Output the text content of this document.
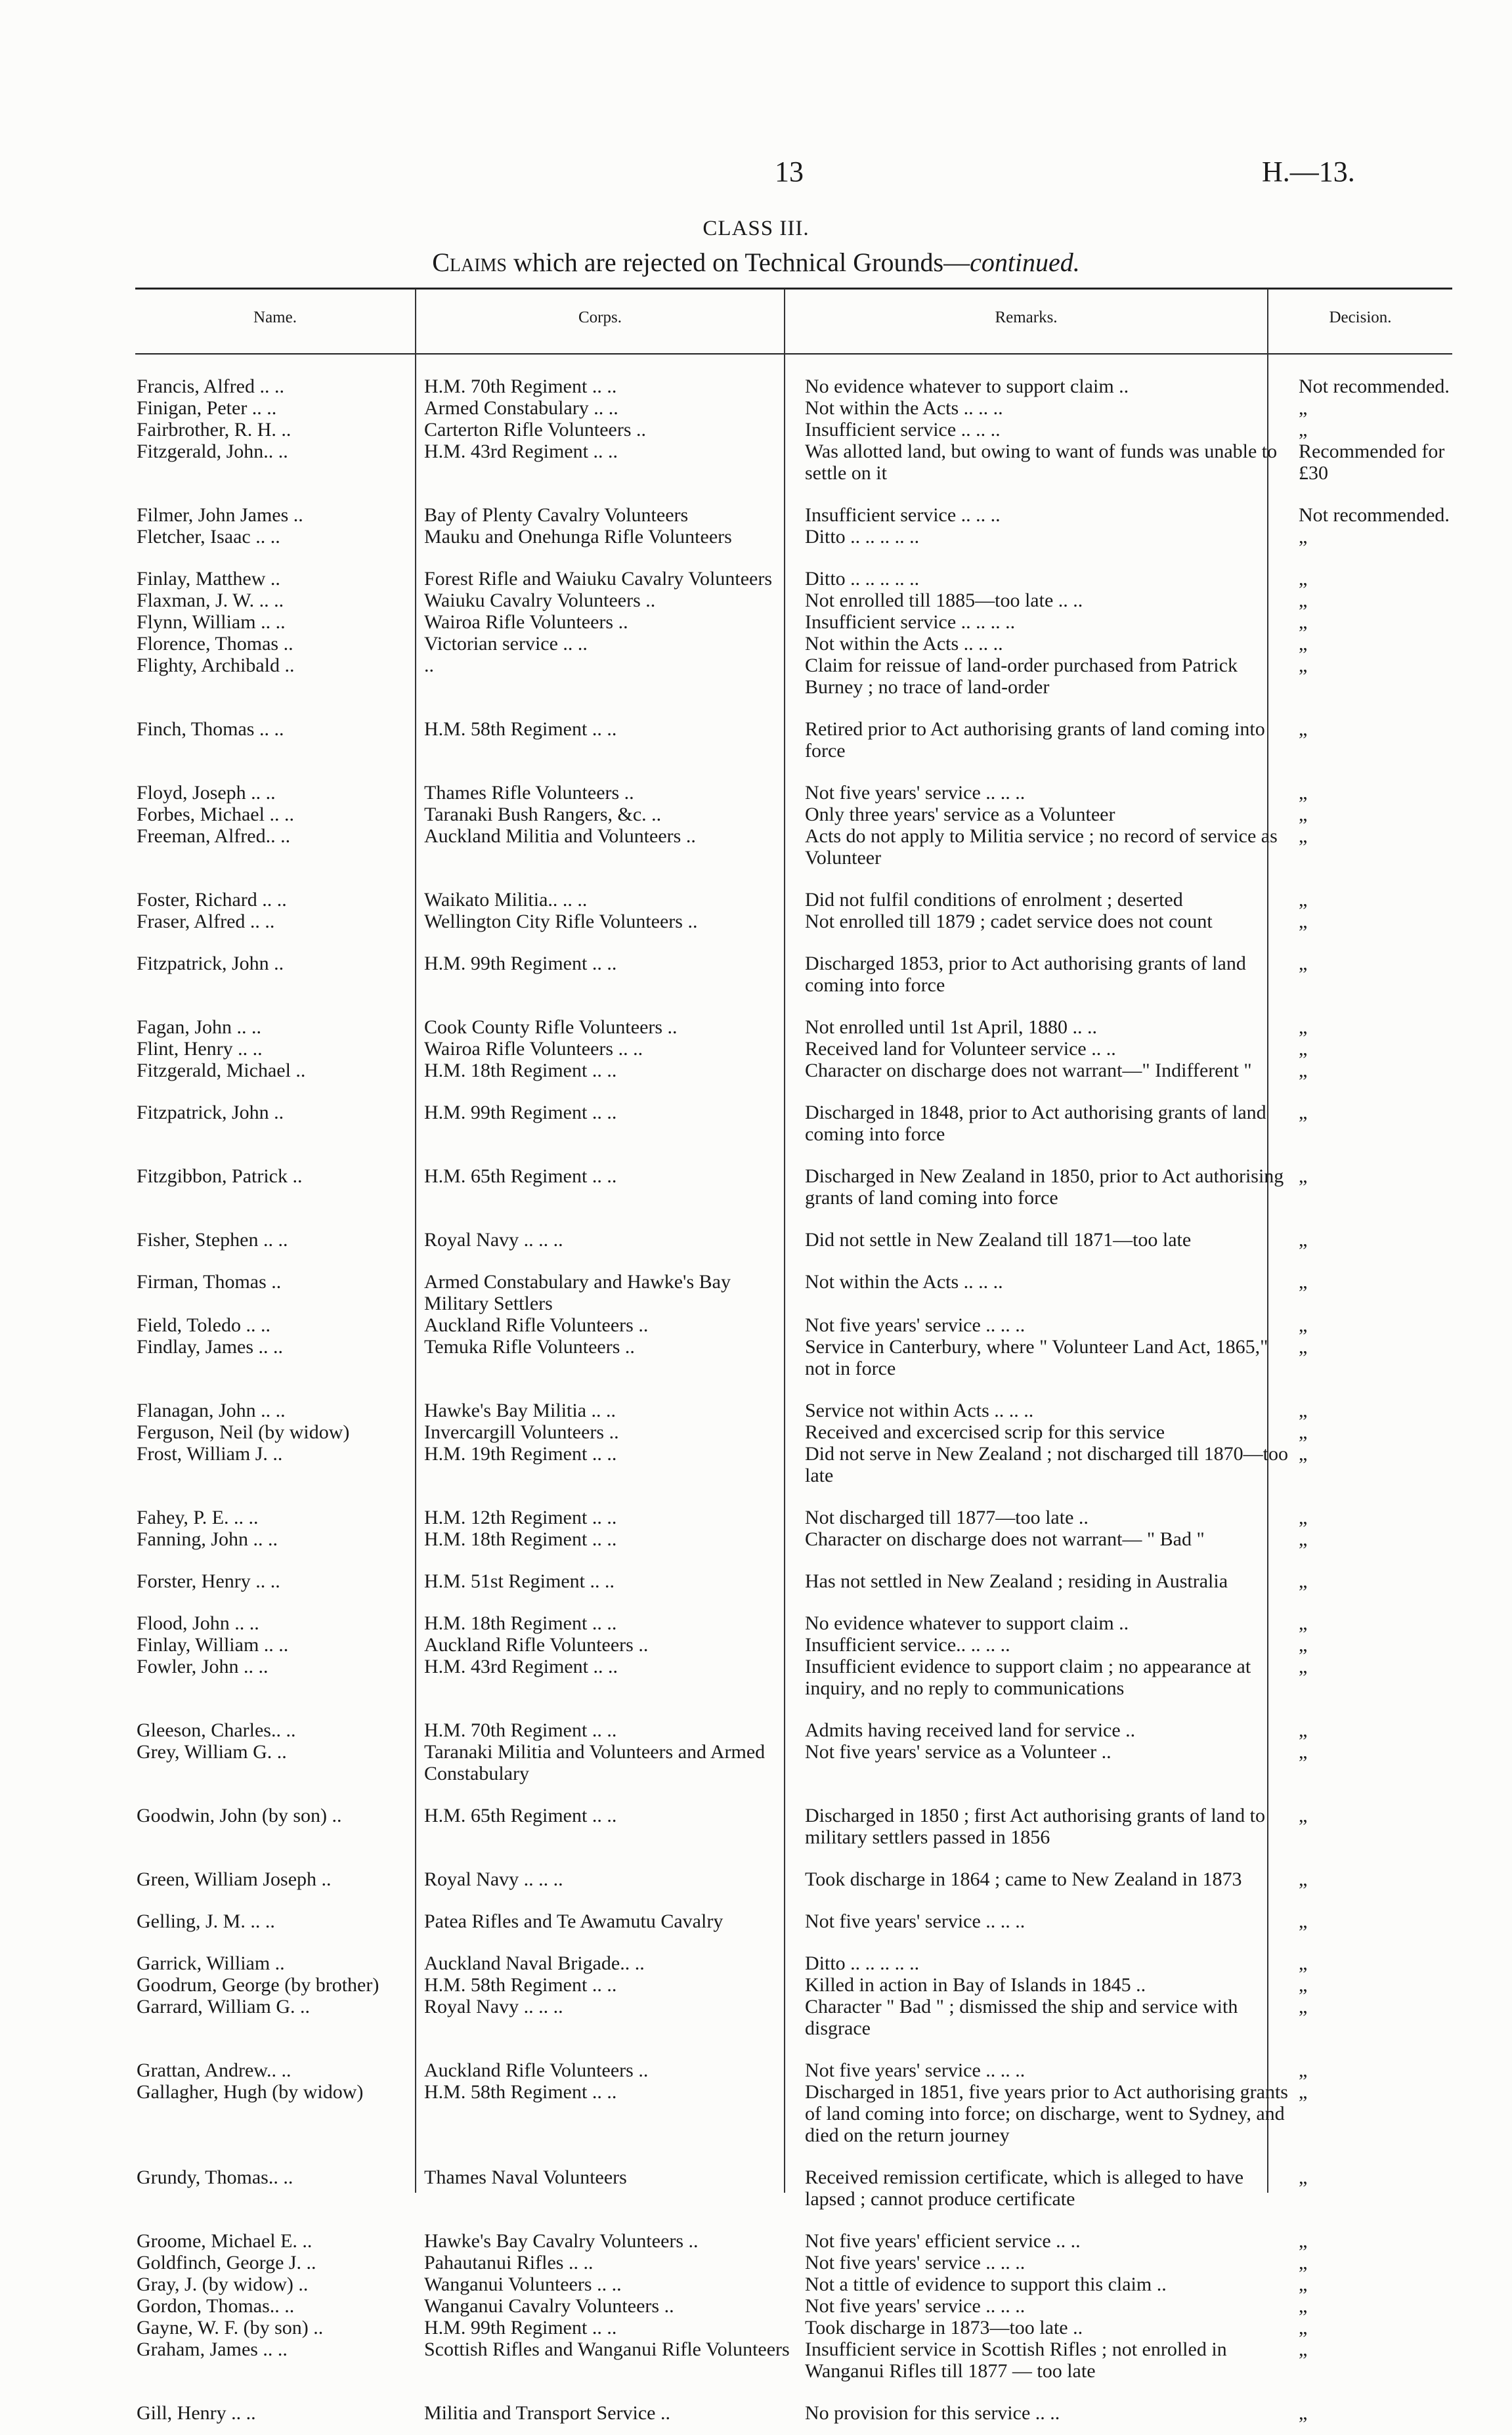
13	H.—13.
CLASS III.
Claims which are rejected on Technical Grounds—continued.
Name.	Corps.	Remarks.	Decision.
Francis, Alfred .. ..	H.M. 70th Regiment .. ..	No evidence whatever to support claim ..	Not recommended.
Finigan, Peter .. ..	Armed Constabulary .. ..	Not within the Acts .. .. ..	„
Fairbrother, R. H. ..	Carterton Rifle Volunteers ..	Insufficient service .. .. ..	„
Fitzgerald, John.. ..	H.M. 43rd Regiment .. ..	Was allotted land, but owing to want of funds was unable to settle on it	Recommended for £30
Filmer, John James ..	Bay of Plenty Cavalry Volunteers	Insufficient service .. .. ..	Not recommended.
Fletcher, Isaac .. ..	Mauku and Onehunga Rifle Volunteers	Ditto .. .. .. .. ..	„
Finlay, Matthew ..	Forest Rifle and Waiuku Cavalry Volunteers	Ditto .. .. .. .. ..	„
Flaxman, J. W. .. ..	Waiuku Cavalry Volunteers ..	Not enrolled till 1885—too late .. ..	„
Flynn, William .. ..	Wairoa Rifle Volunteers ..	Insufficient service .. .. .. ..	„
Florence, Thomas ..	Victorian service .. ..	Not within the Acts .. .. ..	„
Flighty, Archibald ..	..	Claim for reissue of land-order purchased from Patrick Burney ; no trace of land-order	„
Finch, Thomas .. ..	H.M. 58th Regiment .. ..	Retired prior to Act authorising grants of land coming into force	„
Floyd, Joseph .. ..	Thames Rifle Volunteers ..	Not five years' service .. .. ..	„
Forbes, Michael .. ..	Taranaki Bush Rangers, &c. ..	Only three years' service as a Volunteer	„
Freeman, Alfred.. ..	Auckland Militia and Volunteers ..	Acts do not apply to Militia service ; no record of service as Volunteer	„
Foster, Richard .. ..	Waikato Militia.. .. ..	Did not fulfil conditions of enrolment ; deserted	„
Fraser, Alfred .. ..	Wellington City Rifle Volunteers ..	Not enrolled till 1879 ; cadet service does not count	„
Fitzpatrick, John ..	H.M. 99th Regiment .. ..	Discharged 1853, prior to Act authorising grants of land coming into force	„
Fagan, John .. ..	Cook County Rifle Volunteers ..	Not enrolled until 1st April, 1880 .. ..	„
Flint, Henry .. ..	Wairoa Rifle Volunteers .. ..	Received land for Volunteer service .. ..	„
Fitzgerald, Michael ..	H.M. 18th Regiment .. ..	Character on discharge does not warrant—" Indifferent "	„
Fitzpatrick, John ..	H.M. 99th Regiment .. ..	Discharged in 1848, prior to Act authorising grants of land coming into force	„
Fitzgibbon, Patrick ..	H.M. 65th Regiment .. ..	Discharged in New Zealand in 1850, prior to Act authorising grants of land coming into force	„
Fisher, Stephen .. ..	Royal Navy .. .. ..	Did not settle in New Zealand till 1871—too late	„
Firman, Thomas ..	Armed Constabulary and Hawke's Bay Military Settlers	Not within the Acts .. .. ..	„
Field, Toledo .. ..	Auckland Rifle Volunteers ..	Not five years' service .. .. ..	„
Findlay, James .. ..	Temuka Rifle Volunteers ..	Service in Canterbury, where " Volunteer Land Act, 1865," not in force	„
Flanagan, John .. ..	Hawke's Bay Militia .. ..	Service not within Acts .. .. ..	„
Ferguson, Neil (by widow)	Invercargill Volunteers ..	Received and excercised scrip for this service	„
Frost, William J. ..	H.M. 19th Regiment .. ..	Did not serve in New Zealand ; not discharged till 1870—too late	„
Fahey, P. E. .. ..	H.M. 12th Regiment .. ..	Not discharged till 1877—too late ..	„
Fanning, John .. ..	H.M. 18th Regiment .. ..	Character on discharge does not warrant— " Bad "	„
Forster, Henry .. ..	H.M. 51st Regiment .. ..	Has not settled in New Zealand ; residing in Australia	„
Flood, John .. ..	H.M. 18th Regiment .. ..	No evidence whatever to support claim ..	„
Finlay, William .. ..	Auckland Rifle Volunteers ..	Insufficient service.. .. .. ..	„
Fowler, John .. ..	H.M. 43rd Regiment .. ..	Insufficient evidence to support claim ; no appearance at inquiry, and no reply to communications	„
Gleeson, Charles.. ..	H.M. 70th Regiment .. ..	Admits having received land for service ..	„
Grey, William G. ..	Taranaki Militia and Volunteers and Armed Constabulary	Not five years' service as a Volunteer ..	„
Goodwin, John (by son) ..	H.M. 65th Regiment .. ..	Discharged in 1850 ; first Act authorising grants of land to military settlers passed in 1856	„
Green, William Joseph ..	Royal Navy .. .. ..	Took discharge in 1864 ; came to New Zealand in 1873	„
Gelling, J. M. .. ..	Patea Rifles and Te Awamutu Cavalry	Not five years' service .. .. ..	„
Garrick, William ..	Auckland Naval Brigade.. ..	Ditto .. .. .. .. ..	„
Goodrum, George (by brother)	H.M. 58th Regiment .. ..	Killed in action in Bay of Islands in 1845 ..	„
Garrard, William G. ..	Royal Navy .. .. ..	Character " Bad " ; dismissed the ship and service with disgrace	„
Grattan, Andrew.. ..	Auckland Rifle Volunteers ..	Not five years' service .. .. ..	„
Gallagher, Hugh (by widow)	H.M. 58th Regiment .. ..	Discharged in 1851, five years prior to Act authorising grants of land coming into force; on discharge, went to Sydney, and died on the return journey	„
Grundy, Thomas.. ..	Thames Naval Volunteers	Received remission certificate, which is alleged to have lapsed ; cannot produce certificate	„
Groome, Michael E. ..	Hawke's Bay Cavalry Volunteers ..	Not five years' efficient service .. ..	„
Goldfinch, George J. ..	Pahautanui Rifles .. ..	Not five years' service .. .. ..	„
Gray, J. (by widow) ..	Wanganui Volunteers .. ..	Not a tittle of evidence to support this claim ..	„
Gordon, Thomas.. ..	Wanganui Cavalry Volunteers ..	Not five years' service .. .. ..	„
Gayne, W. F. (by son) ..	H.M. 99th Regiment .. ..	Took discharge in 1873—too late ..	„
Graham, James .. ..	Scottish Rifles and Wanganui Rifle Volunteers	Insufficient service in Scottish Rifles ; not enrolled in Wanganui Rifles till 1877 — too late	„
Gill, Henry .. ..	Militia and Transport Service ..	No provision for this service .. ..	„
